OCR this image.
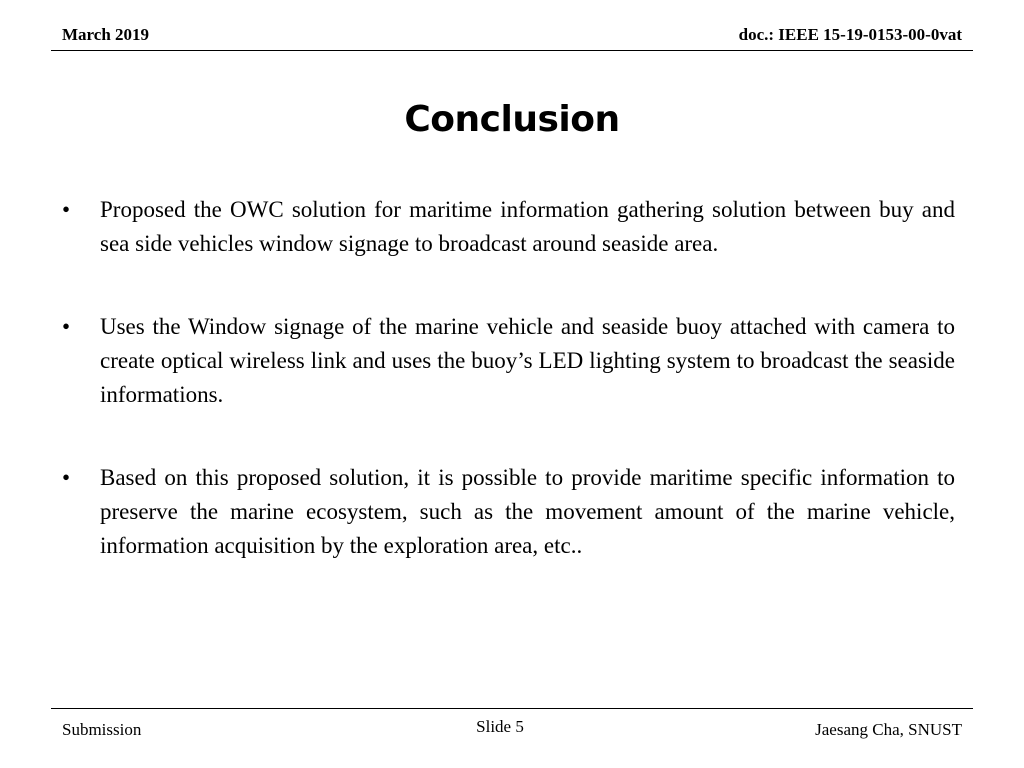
March 2019	doc.: IEEE 15-19-0153-00-0vat
Conclusion
•	Proposed the OWC solution for maritime information gathering solution between buy and sea side vehicles window signage to broadcast around seaside area.
•	Uses the Window signage of the marine vehicle and seaside buoy attached with camera to create optical wireless link and uses the buoy’s LED lighting system to broadcast the seaside informations.
•	Based on this proposed solution, it is possible to provide maritime specific information to preserve the marine ecosystem, such as the movement amount of the marine vehicle, information acquisition by the exploration area, etc..
Submission	Slide 5	Jaesang Cha, SNUST
